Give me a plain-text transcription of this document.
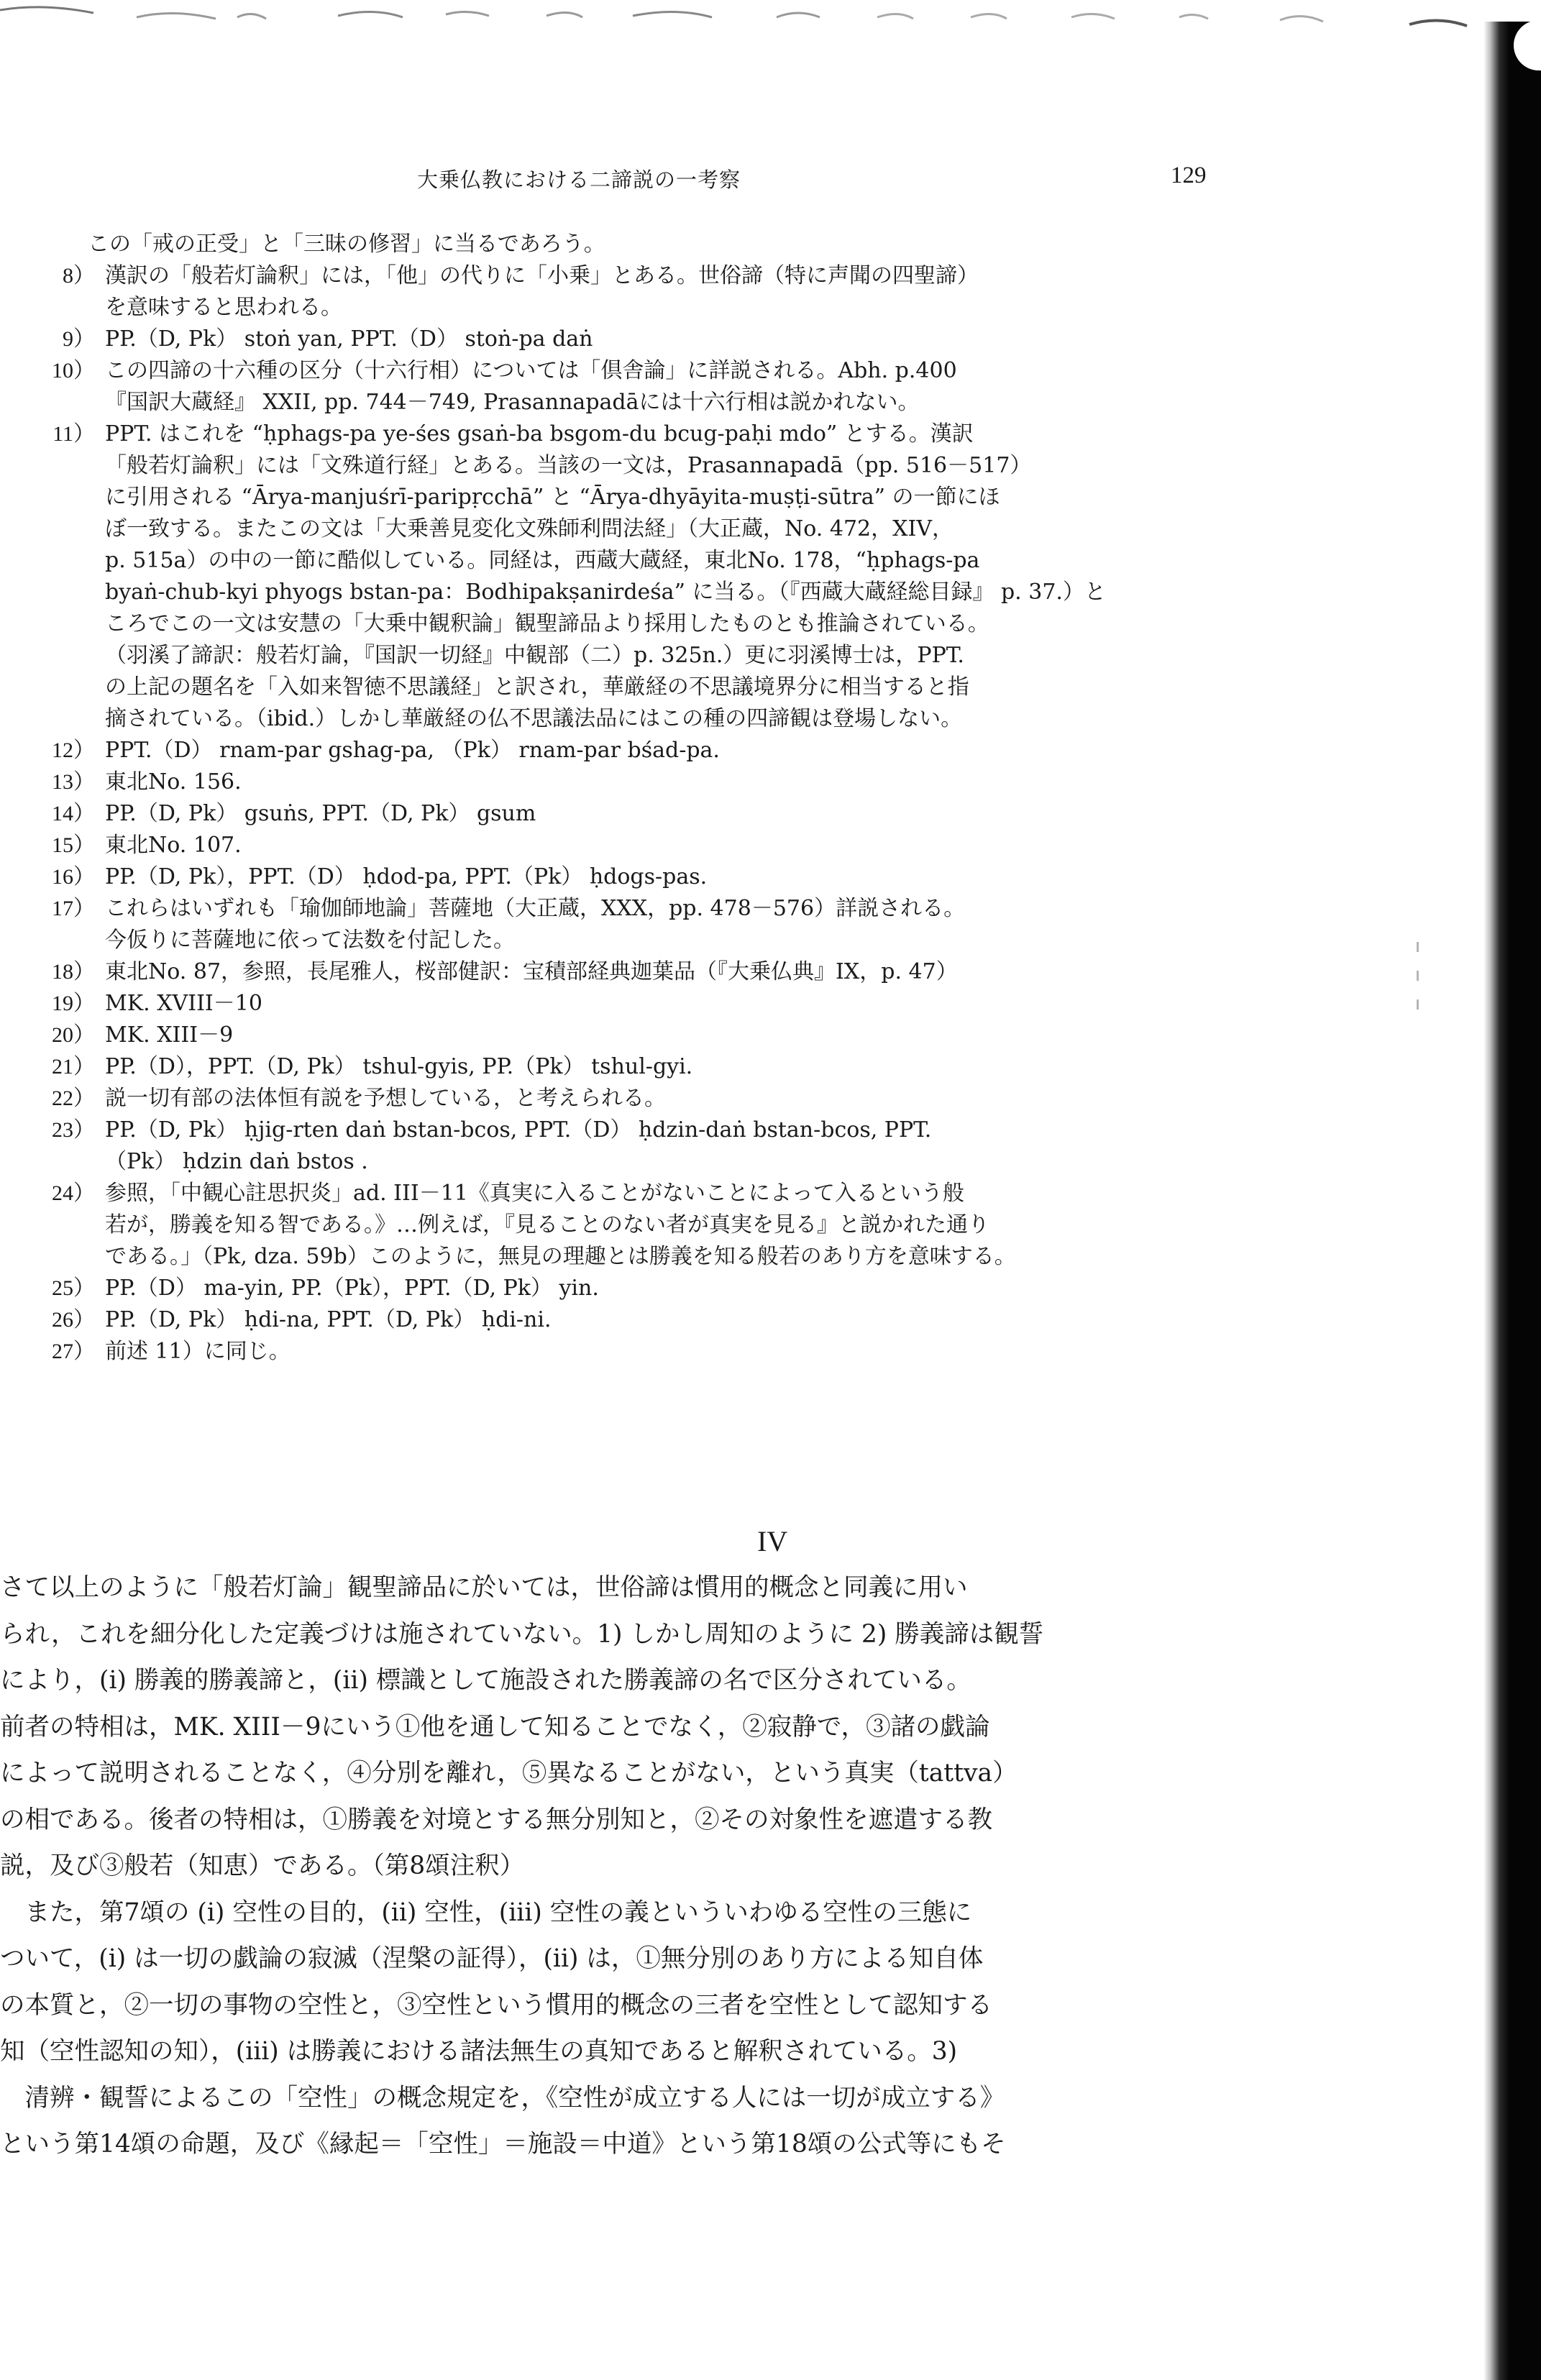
大乗仏教における二諦説の一考察	129
この「戒の正受」と「三昧の修習」に当るであろう。
8） 漢訳の「般若灯論釈」には，「他」の代りに「小乗」とある。世俗諦（特に声聞の四聖諦）
を意味すると思われる。
9） PP.（D, Pk） stoṅ yan, PPT.（D） stoṅ-pa daṅ
10） この四諦の十六種の区分（十六行相）については「倶舎論」に詳説される。Abh. p.400
『国訳大蔵経』 XXII, pp. 744－749, Prasannapadāには十六行相は説かれない。
11） PPT. はこれを “ḥphags-pa ye-śes gsaṅ-ba bsgom-du bcug-paḥi mdo” とする。漢訳
「般若灯論釈」には「文殊道行経」とある。当該の一文は，Prasannapadā（pp. 516－517）
に引用される “Ārya-manjuśrī-paripṛcchā” と “Ārya-dhyāyita-muṣṭi-sūtra” の一節にほ
ぼ一致する。またこの文は「大乗善見変化文殊師利問法経」（大正蔵，No. 472，XIV，
p. 515a）の中の一節に酷似している。同経は，西蔵大蔵経，東北No. 178，“ḥphags-pa
byaṅ-chub-kyi phyogs bstan-pa：Bodhipakṣanirdeśa” に当る。（『西蔵大蔵経総目録』 p. 37.）と
ころでこの一文は安慧の「大乗中観釈論」観聖諦品より採用したものとも推論されている。
（羽溪了諦訳：般若灯論，『国訳一切経』中観部（二）p. 325n.）更に羽溪博士は，PPT.
の上記の題名を「入如来智徳不思議経」と訳され，華厳経の不思議境界分に相当すると指
摘されている。（ibid.）しかし華厳経の仏不思議法品にはこの種の四諦観は登場しない。
12） PPT.（D） rnam-par gshag-pa, （Pk） rnam-par bśad-pa.
13） 東北No. 156.
14） PP.（D, Pk） gsuṅs, PPT.（D, Pk） gsum
15） 東北No. 107.
16） PP.（D, Pk），PPT.（D） ḥdod-pa, PPT.（Pk） ḥdogs-pas.
17） これらはいずれも「瑜伽師地論」菩薩地（大正蔵，XXX，pp. 478－576）詳説される。
今仮りに菩薩地に依って法数を付記した。
18） 東北No. 87，参照，長尾雅人，桜部健訳：宝積部経典迦葉品（『大乗仏典』IX，p. 47）
19） MK. XVIII－10
20） MK. XIII－9
21） PP.（D），PPT.（D, Pk） tshul-gyis, PP.（Pk） tshul-gyi.
22） 説一切有部の法体恒有説を予想している，と考えられる。
23） PP.（D, Pk） ḥjig-rten daṅ bstan-bcos, PPT.（D） ḥdzin-daṅ bstan-bcos, PPT.
（Pk） ḥdzin daṅ bstos .
24） 参照，「中観心註思択炎」ad. III－11《真実に入ることがないことによって入るという般
若が，勝義を知る智である。》…例えば，『見ることのない者が真実を見る』と説かれた通り
である。」（Pk, dza. 59b）このように，無見の理趣とは勝義を知る般若のあり方を意味する。
25） PP.（D） ma-yin, PP.（Pk），PPT.（D, Pk） yin.
26） PP.（D, Pk） ḥdi-na, PPT.（D, Pk） ḥdi-ni.
27） 前述 11）に同じ。
IV
さて以上のように「般若灯論」観聖諦品に於いては，世俗諦は慣用的概念と同義に用い
られ，これを細分化した定義づけは施されていない。1) しかし周知のように 2) 勝義諦は観誓
により，(i) 勝義的勝義諦と，(ii) 標識として施設された勝義諦の名で区分されている。
前者の特相は，MK. XIII－9にいう①他を通して知ることでなく，②寂静で，③諸の戯論
によって説明されることなく，④分別を離れ，⑤異なることがない，という真実（tattva）
の相である。後者の特相は，①勝義を対境とする無分別知と，②その対象性を遮遣する教
説，及び③般若（知恵）である。（第8頌注釈）
　また，第7頌の (i) 空性の目的，(ii) 空性，(iii) 空性の義といういわゆる空性の三態に
ついて，(i) は一切の戯論の寂滅（涅槃の証得），(ii) は，①無分別のあり方による知自体
の本質と，②一切の事物の空性と，③空性という慣用的概念の三者を空性として認知する
知（空性認知の知），(iii) は勝義における諸法無生の真知であると解釈されている。3)
　清辨・観誓によるこの「空性」の概念規定を，《空性が成立する人には一切が成立する》
という第14頌の命題，及び《縁起＝「空性」＝施設＝中道》という第18頌の公式等にもそ
